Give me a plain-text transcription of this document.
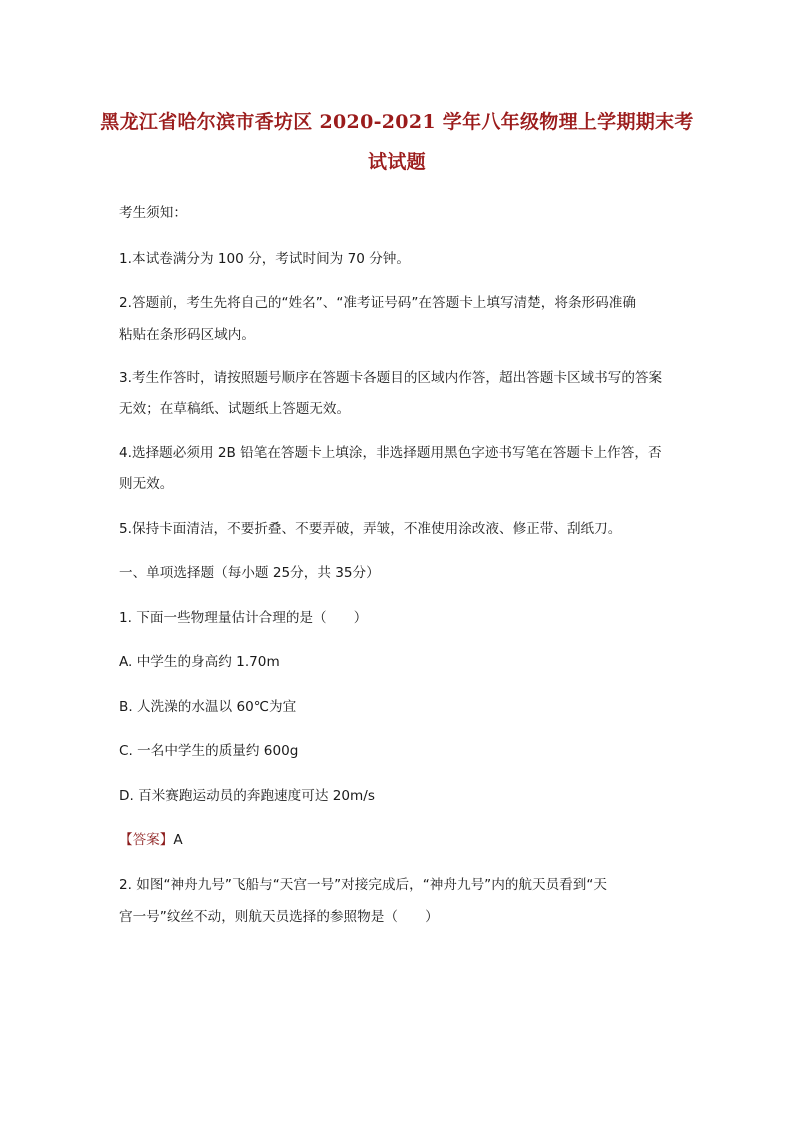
黑龙江省哈尔滨市香坊区 2020-2021 学年八年级物理上学期期末考
试试题
考生须知：
1.本试卷满分为 100 分，考试时间为 70 分钟。
2.答题前，考生先将自己的“姓名”、“准考证号码”在答题卡上填写清楚，将条形码准确
粘贴在条形码区域内。
3.考生作答时，请按照题号顺序在答题卡各题目的区域内作答，超出答题卡区域书写的答案
无效；在草稿纸、试题纸上答题无效。
4.选择题必须用 2B 铅笔在答题卡上填涂，非选择题用黑色字迹书写笔在答题卡上作答，否
则无效。
5.保持卡面清洁，不要折叠、不要弄破，弄皱，不准使用涂改液、修正带、刮纸刀。
一、单项选择题（每小题 25分，共 35分）
1. 下面一些物理量估计合理的是（　　）
A. 中学生的身高约 1.70m
B. 人洗澡的水温以 60℃为宜
C. 一名中学生的质量约 600g
D. 百米赛跑运动员的奔跑速度可达 20m/s
【答案】A
2. 如图“神舟九号”飞船与“天宫一号”对接完成后，“神舟九号”内的航天员看到“天
宫一号”纹丝不动，则航天员选择的参照物是（　　）
